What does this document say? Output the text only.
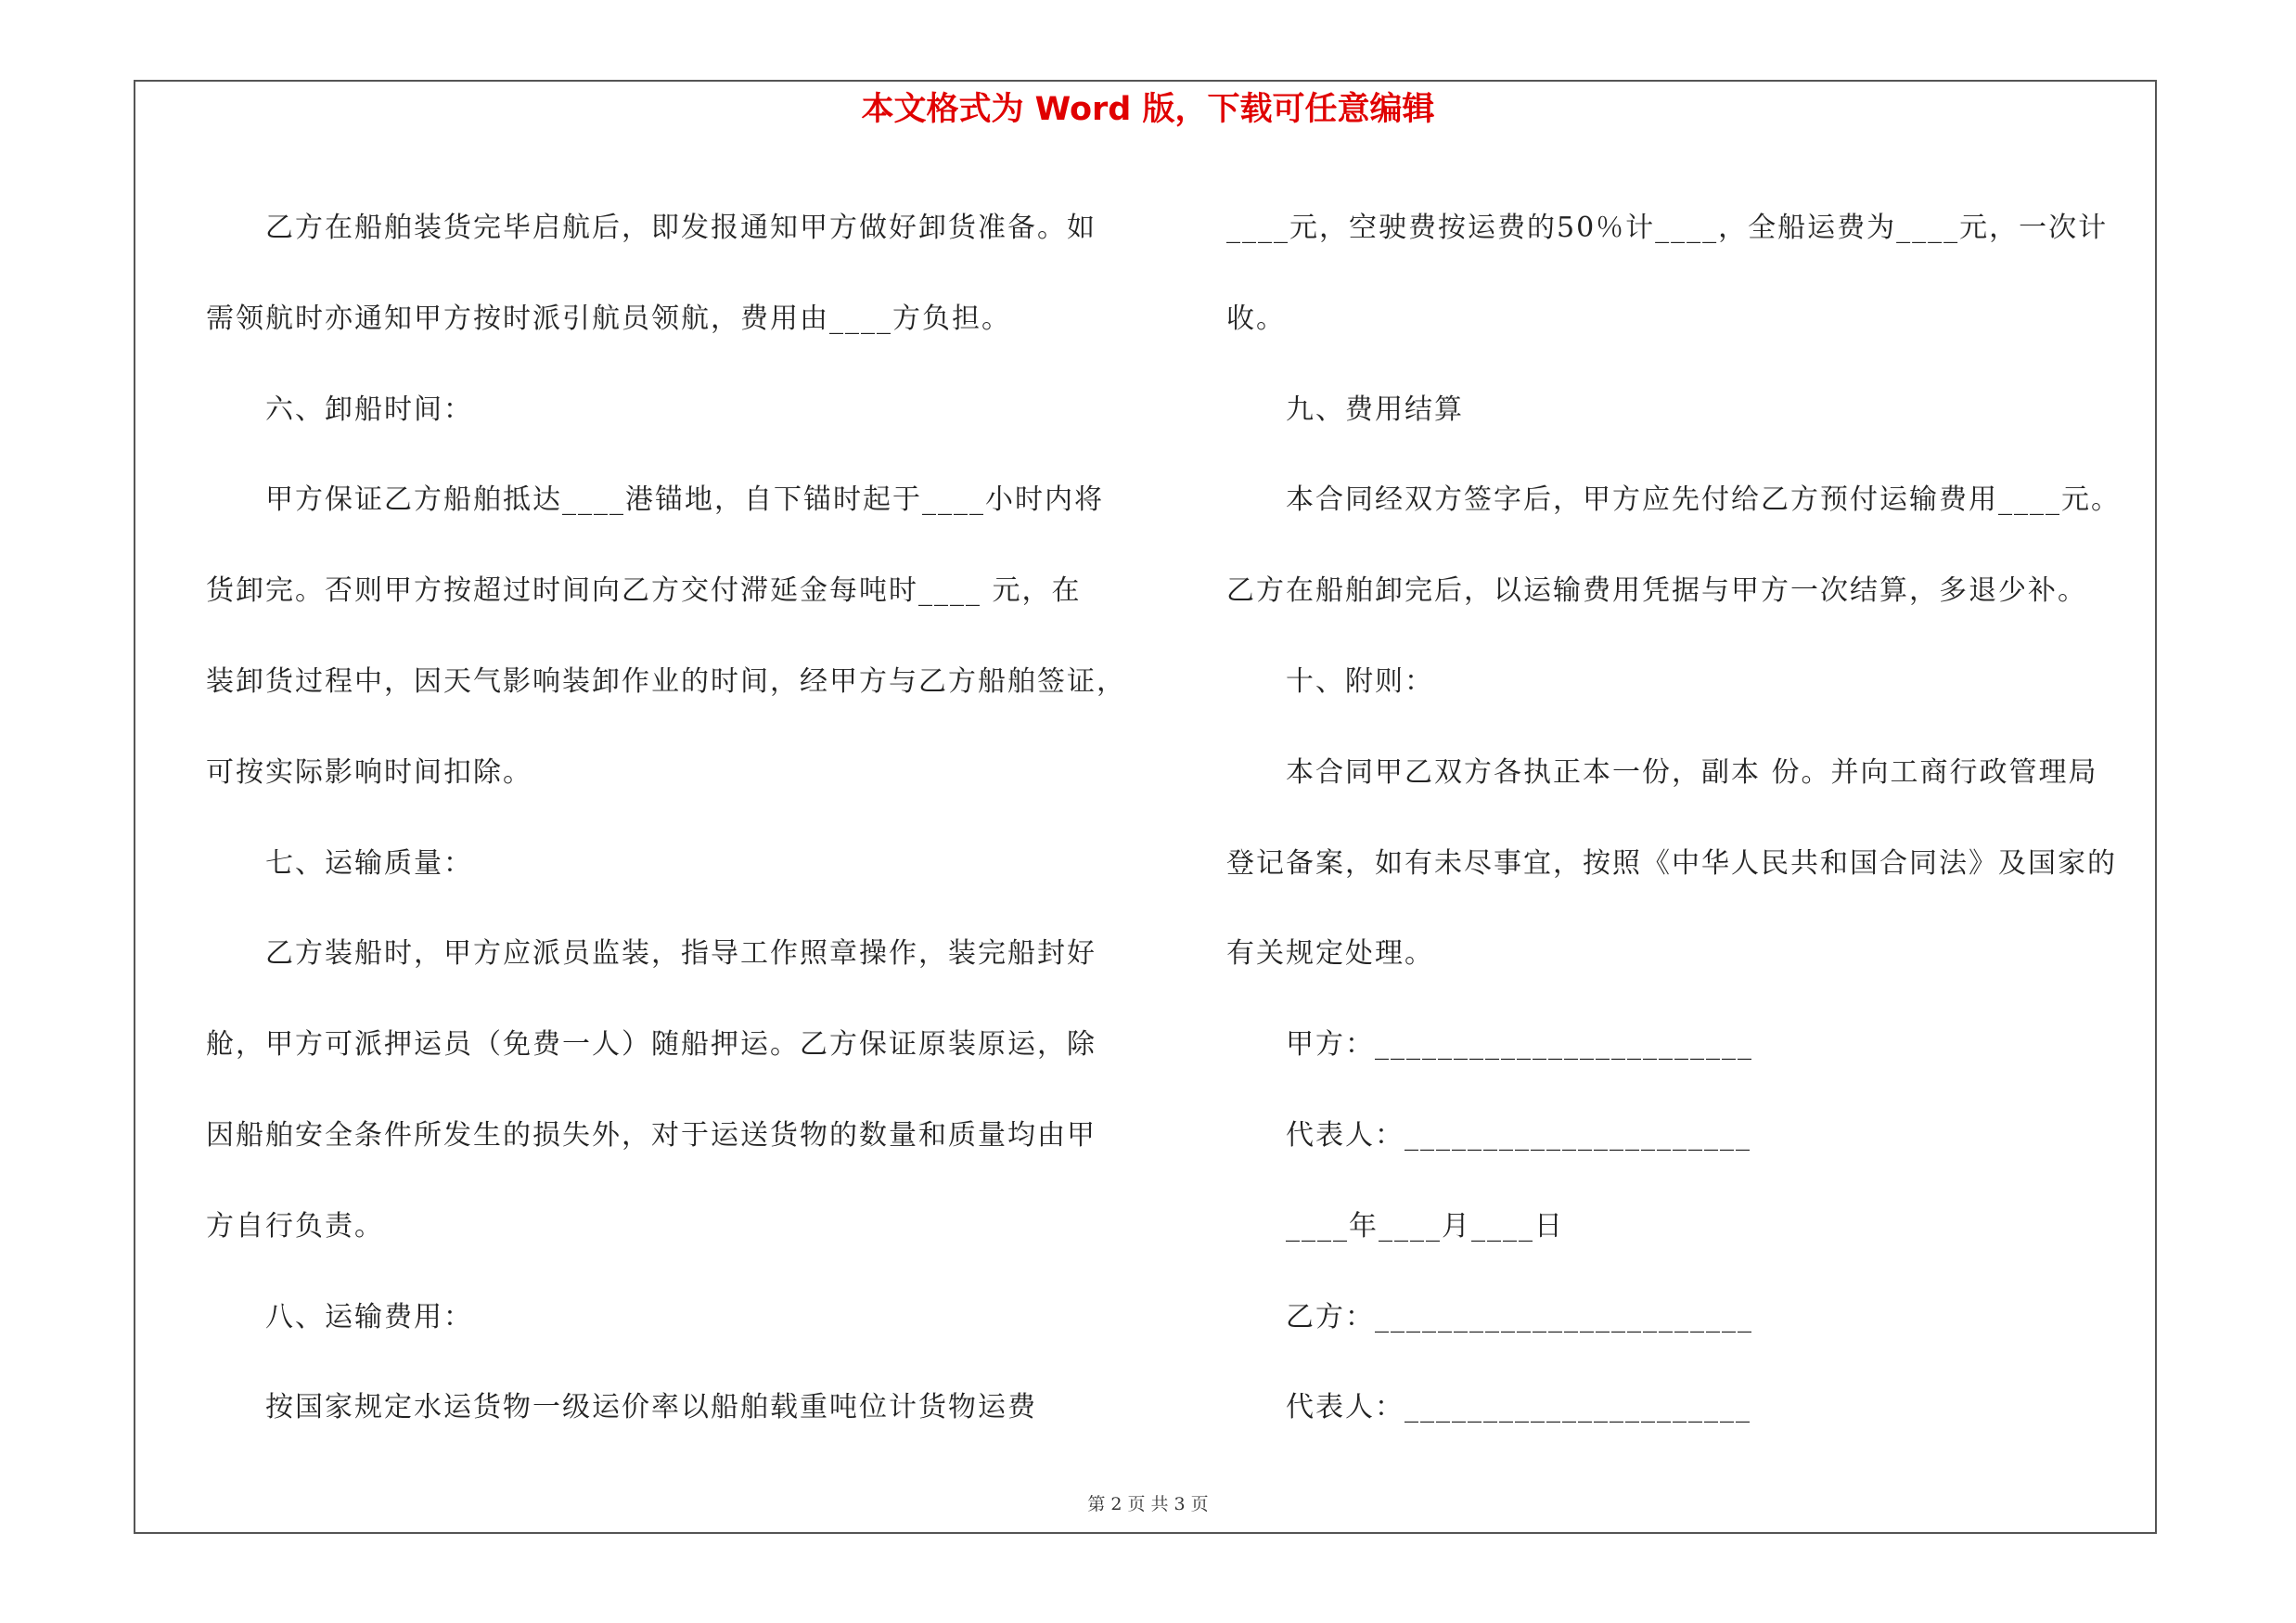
本文格式为 Word 版，下载可任意编辑

　　乙方在船舶装货完毕启航后，即发报通知甲方做好卸货准备。如

需领航时亦通知甲方按时派引航员领航，费用由____方负担。

　　六、卸船时间：

　　甲方保证乙方船舶抵达____港锚地，自下锚时起于____小时内将

货卸完。否则甲方按超过时间向乙方交付滞延金每吨时____ 元，在

装卸货过程中，因天气影响装卸作业的时间，经甲方与乙方船舶签证，

可按实际影响时间扣除。

　　七、运输质量：

　　乙方装船时，甲方应派员监装，指导工作照章操作，装完船封好

舱，甲方可派押运员（免费一人）随船押运。乙方保证原装原运，除

因船舶安全条件所发生的损失外，对于运送货物的数量和质量均由甲

方自行负责。

　　八、运输费用：

　　按国家规定水运货物一级运价率以船舶载重吨位计货物运费

____元，空驶费按运费的50％计____，全船运费为____元，一次计

收。

　　九、费用结算

　　本合同经双方签字后，甲方应先付给乙方预付运输费用____元。

乙方在船舶卸完后，以运输费用凭据与甲方一次结算，多退少补。

　　十、附则：

　　本合同甲乙双方各执正本一份，副本 份。并向工商行政管理局

登记备案，如有未尽事宜，按照《中华人民共和国合同法》及国家的

有关规定处理。

　　甲方：________________________

　　代表人：______________________

　　____年____月____日

　　乙方：________________________

　　代表人：______________________

第 2 页 共 3 页
